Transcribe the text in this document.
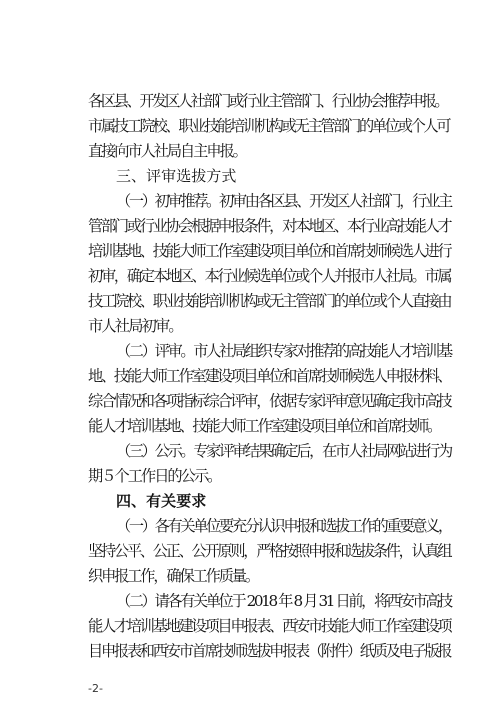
各区县、开发区人社部门或行业主管部门、行业协会推荐申报。
市属技工院校、职业技能培训机构或无主管部门的单位或个人可
直接向市人社局自主申报。
三、评审选拔方式
（一）初审推荐。初审由各区县、开发区人社部门，行业主
管部门或行业协会根据申报条件，对本地区、本行业高技能人才
培训基地、技能大师工作室建设项目单位和首席技师候选人进行
初审，确定本地区、本行业候选单位或个人并报市人社局。市属
技工院校、职业技能培训机构或无主管部门的单位或个人直接由
市人社局初审。
（二）评审。市人社局组织专家对推荐的高技能人才培训基
地、技能大师工作室建设项目单位和首席技师候选人申报材料、
综合情况和各项指标综合评审，依据专家评审意见确定我市高技
能人才培训基地、技能大师工作室建设项目单位和首席技师。
（三）公示。专家评审结果确定后，在市人社局网站进行为
期５个工作日的公示。
四、有关要求
（一）各有关单位要充分认识申报和选拔工作的重要意义，
坚持公平、公正、公开原则，严格按照申报和选拔条件，认真组
织申报工作，确保工作质量。
（二）请各有关单位于 2018 年 8 月 31 日前，将西安市高技
能人才培训基地建设项目申报表、西安市技能大师工作室建设项
目申报表和西安市首席技师选拔申报表（附件）纸质及电子版报
-2-
